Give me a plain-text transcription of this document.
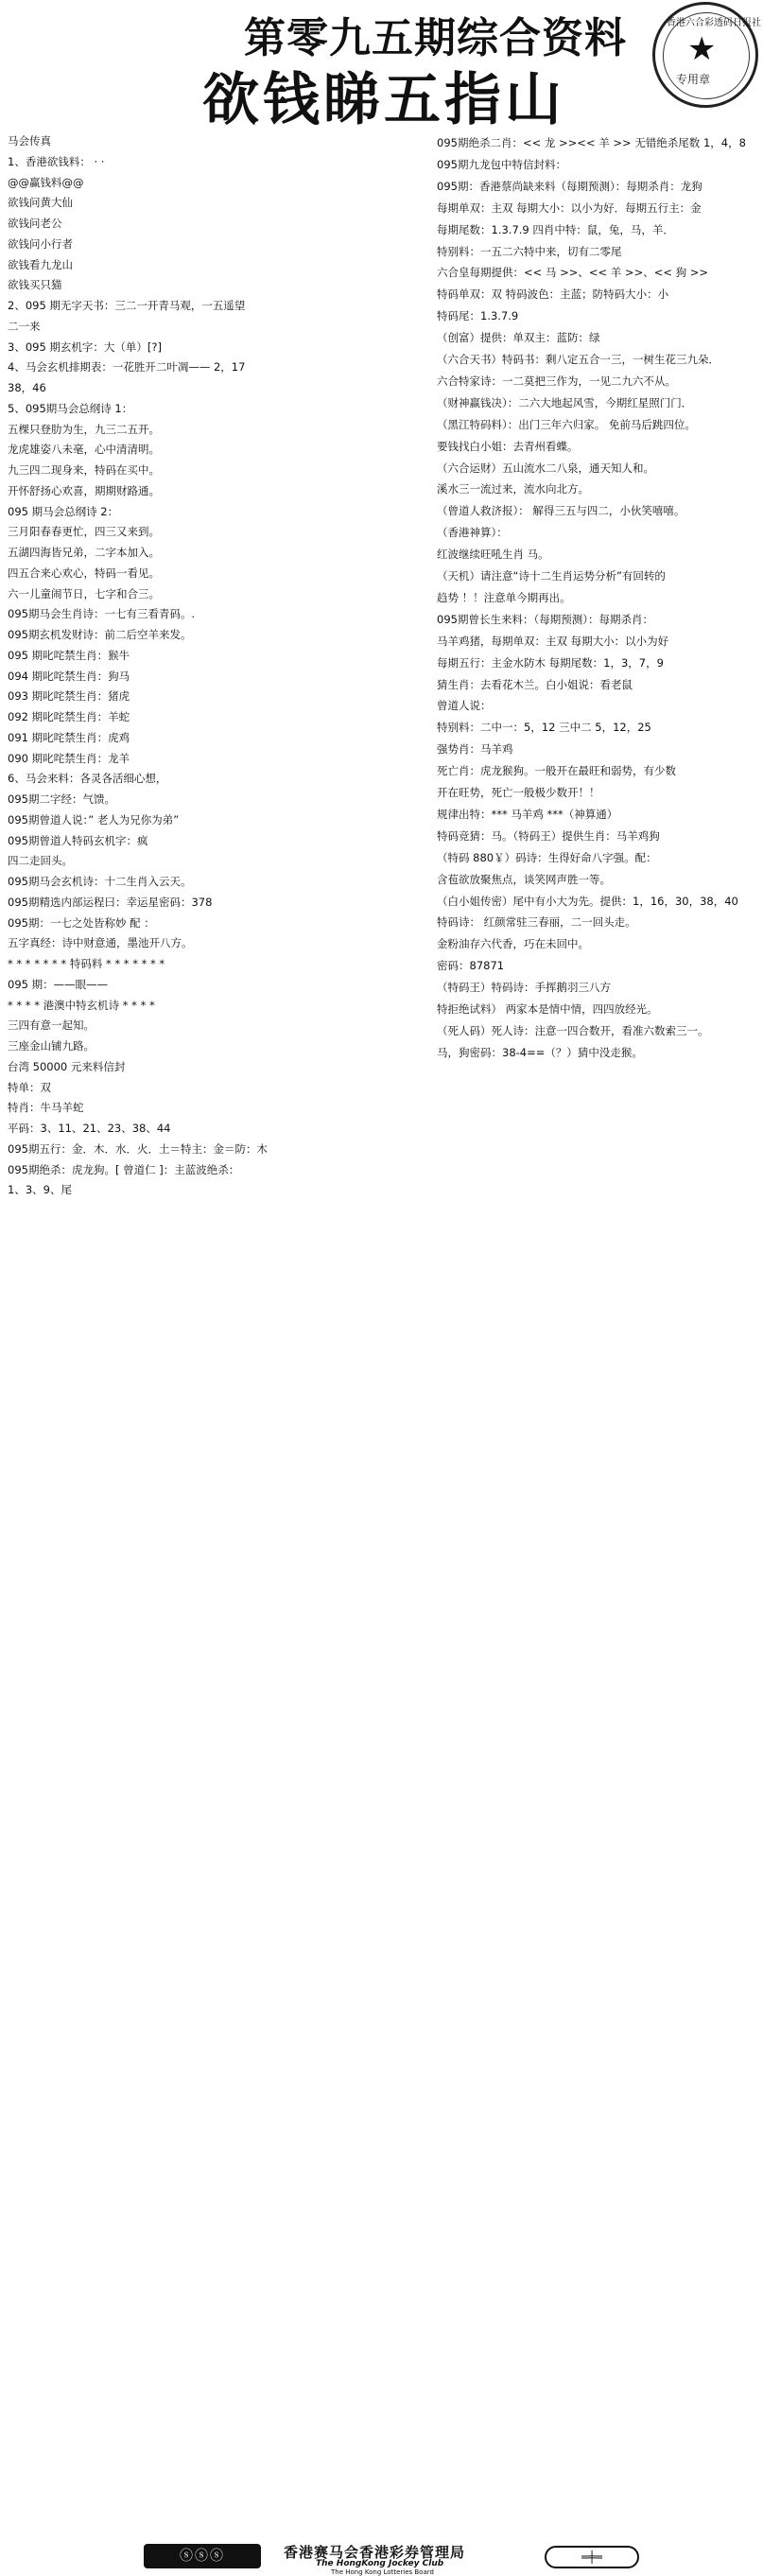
第零九五期综合资料
欲钱睇五指山
香港六合彩透码日报社
★
专用章
马会传真
1、香港欲钱料： · ·
@@赢钱料@@
欲钱问黄大仙
欲钱问老公
欲钱问小行者
欲钱看九龙山
欲钱买只猫
2、095 期无字天书：三二一开青马观，一五遥望
二一来
3、095 期玄机字：大（单）[?]
4、马会玄机排期表：一花胜开二叶凋—— 2，17
38，46
5、095期马会总纲诗 1：
五棵只登肋为生，九三二五开。
龙虎雄姿八未毫，心中清清明。
九三四二现身来，特码在买中。
开怀舒扬心欢喜，期期财路通。
095 期马会总纲诗 2：
三月阳春春更忙，四三又来到。
五湖四海皆兄弟，二字本加入。
四五合来心欢心，特码一看见。
六一儿童闹节日，七字和合三。
095期马会生肖诗：一七有三看青码。.
095期玄机发财诗：前二后空羊来发。
095 期叱咤禁生肖：猴牛
094 期叱咤禁生肖：狗马
093 期叱咤禁生肖：猪虎
092 期叱咤禁生肖：羊蛇
091 期叱咤禁生肖：虎鸡
090 期叱咤禁生肖：龙羊
6、马会来料：各灵各活细心想，
095期二字经：气馈。
095期曾道人说：” 老人为兄你为弟”
095期曾道人特码玄机字：疯
四二走回头。
095期马会玄机诗：十二生肖入云天。
095期精选内部运程曰：幸运星密码：378
095期：一七之处皆称妙 配 ：
五字真经：诗中财意通，墨池开八方。
* * * * * * * 特码料 * * * * * * *
095 期：——眼——
* * * * 港澳中特玄机诗 * * * *
三四有意一起知。
三座金山铺九路。
台湾 50000 元来料信封
特单：双
特肖：牛马羊蛇
平码：3、11、21、23、38、44
095期五行：金．木．水．火．土＝特主：金＝防：木
095期绝杀：虎龙狗。[ 曾道仁 ]：主蓝波绝杀：
1、3、9、尾
095期绝杀二肖：<< 龙 >><< 羊 >> 无错绝杀尾数 1，4，8
095期九龙包中特信封料：
095期：香港蔡尚缺来料（每期预测）：每期杀肖：龙狗
每期单双：主双 每期大小：以小为好．每期五行主：金
每期尾数：1.3.7.9 四肖中特：鼠，兔，马，羊．
特别料：一五二六特中来，切有二零尾
六合皇每期提供：<< 马 >>、<< 羊 >>、<< 狗 >>
特码单双：双 特码波色：主蓝；防特码大小：小
特码尾：1.3.7.9
（创富）提供：单双主：蓝防：绿
（六合天书）特码书：剩八定五合一三，一树生花三九朵．
六合特家诗：一二莫把三作为，一见二九六不从。
（财神赢钱决）：二六大地起风雪，今期红星照门门．
（黑江特码料）：出门三年六归家。 免前马后跳四位。
要钱找白小姐：去青州看蝶。
（六合运财）五山流水二八泉，通天知人和。
溪水三一流过来，流水向北方。
（曾道人救济报）： 解得三五与四二，小伙笑嘻嘻。
（香港神算）：
红波继续旺吼生肖 马。
（天机）请注意“诗十二生肖运势分析”有回转的
趋势 ！！注意单今期再出。
095期曾长生来料：（每期预测）：每期杀肖：
马羊鸡猪，每期单双：主双 每期大小：以小为好
每期五行：主金水防木 每期尾数：1，3，7，9
猜生肖：去看花木兰。白小姐说：看老鼠
曾道人说：
特别料：二中一：5，12 三中二 5，12，25
强势肖：马羊鸡
死亡肖：虎龙猴狗。一般开在最旺和弱势，有少数
开在旺势，死亡一般极少数开！！
规律出特：*** 马羊鸡 ***（神算通）
特码竞猜：马。（特码王）提供生肖：马羊鸡狗
（特码 880￥）码诗：生得好命八字强。配：
含苞欲放聚焦点，谈笑网声胜一等。
（白小姐传密）尾中有小大为先。提供：1，16，30，38，40
特码诗： 红颜常驻三春丽，二一回头走。
金粉油存六代香，巧在未回中。
密码：87871
（特码王）特码诗：手挥鹅羽三八方
特拒绝试料） 两家本是情中情，四四放经光。
（死人码）死人诗：注意一四合数开，看准六数索三一。
马，狗密码：38-4==（？）猜中没走猴。
ⓢⓢⓢ	香港赛马会香港彩券管理局
The HongKong Jockey Club
The Hong Kong Lotteries Board
═╪═
